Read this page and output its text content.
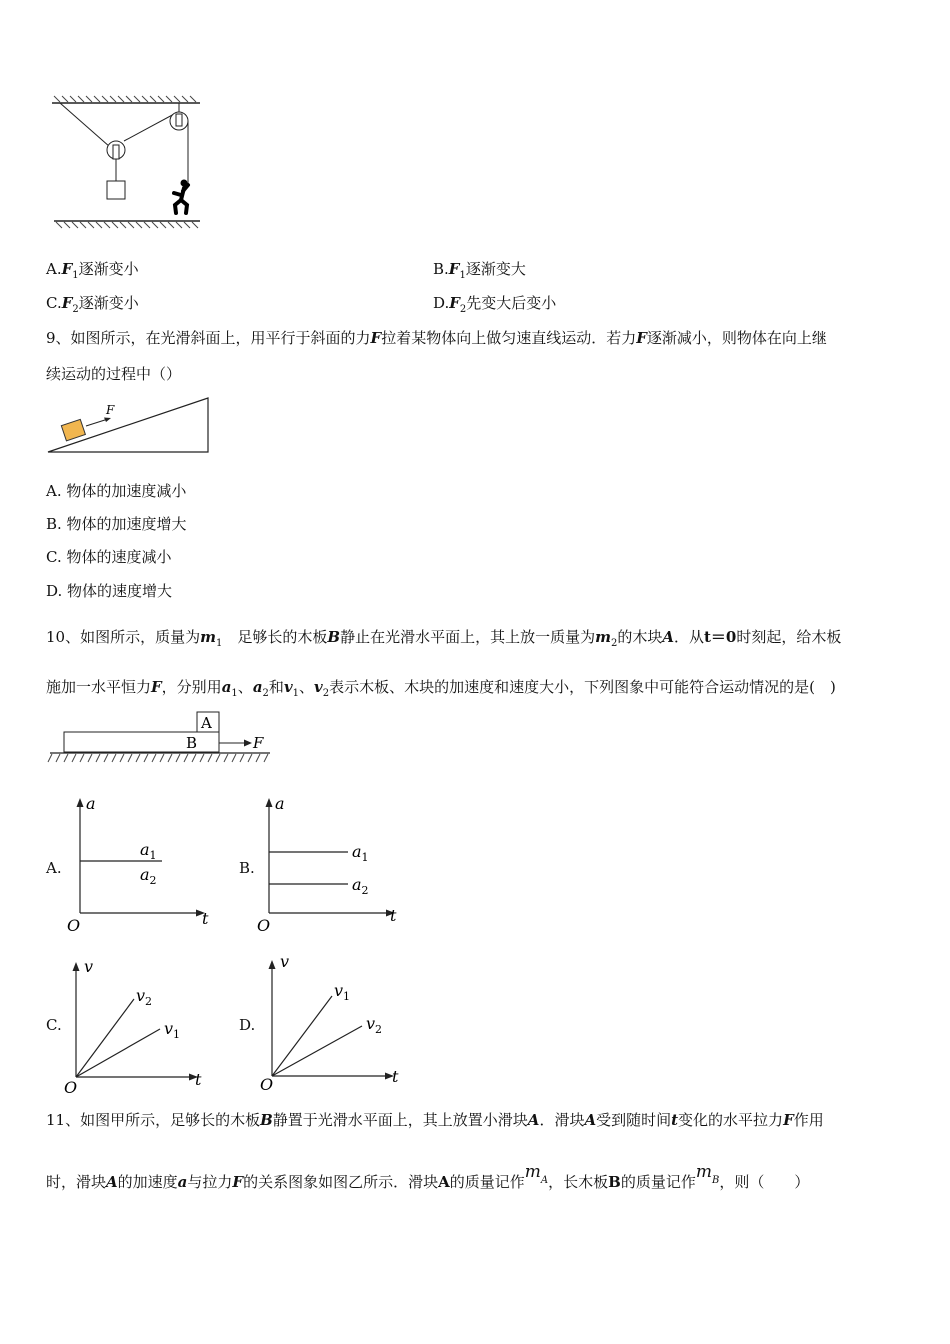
$A.F_1$逐渐变小	$B.F_1$逐渐变大
$C.F_2$逐渐变小	$D.F_2$先变大后变小
9、如图所示，在光滑斜面上，用平行于斜面的力F拉着某物体向上做匀速直线运动．若力F逐渐减小，则物体在向上继
续运动的过程中（）
F
A. 物体的加速度减小
B. 物体的加速度增大
C. 物体的速度减小
D. 物体的速度增大
10、如图所示，质量为$m_1$　 足够长的木板B静止在光滑水平面上，其上放一质量为$m_2$的木块A．从t＝0时刻起，给木板
施加一水平恒力F，分别用$a_1$、$a_2$和$v_1$、$v_2$表示木板、木块的加速度和速度大小，下列图象中可能符合运动情况的是(　)
A
B	F
A.
a
t
O
$a_1$
$a_2$
B.
a
t
O
$a_1$
$a_2$
C.
v
t
O
$v_2$
$v_1$
D.
v
t
O
$v_1$
$v_2$
11、如图甲所示，足够长的木板B静置于光滑水平面上，其上放置小滑块A．滑块A受到随时间t变化的水平拉力F作用
时，滑块A的加速度a与拉力F的关系图象如图乙所示．滑块A的质量记作$m_A$，长木板B的质量记作$m_B$，则（　　）
